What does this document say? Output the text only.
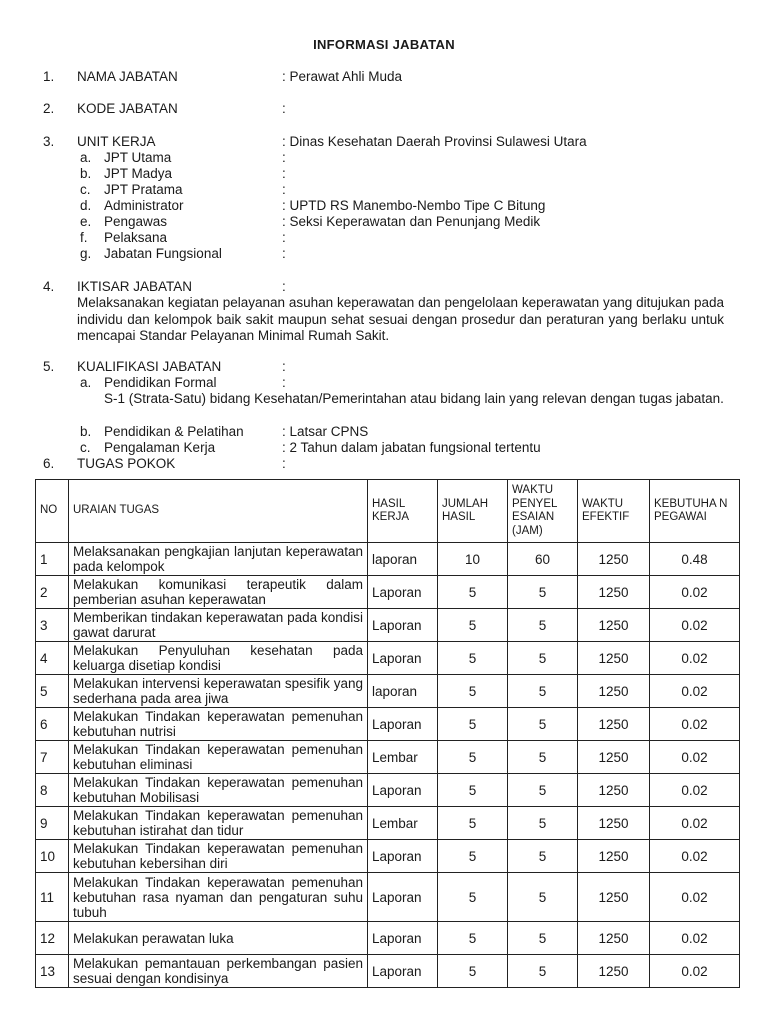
INFORMASI JABATAN
1. NAMA JABATAN	: Perawat Ahli Muda
2. KODE JABATAN	:
3. UNIT KERJA	: Dinas Kesehatan Daerah Provinsi Sulawesi Utara
a. JPT Utama	:
b. JPT Madya	:
c. JPT Pratama	:
d. Administrator	: UPTD RS Manembo-Nembo Tipe C Bitung
e. Pengawas	: Seksi Keperawatan dan Penunjang Medik
f. Pelaksana	:
g. Jabatan Fungsional	:
4. IKTISAR JABATAN	:
Melaksanakan kegiatan pelayanan asuhan keperawatan dan pengelolaan keperawatan yang ditujukan pada individu dan kelompok baik sakit maupun sehat sesuai dengan prosedur dan peraturan yang berlaku untuk mencapai Standar Pelayanan Minimal Rumah Sakit.
5. KUALIFIKASI JABATAN	:
a. Pendidikan Formal	:
S-1 (Strata-Satu) bidang Kesehatan/Pemerintahan atau bidang lain yang relevan dengan tugas jabatan.
b. Pendidikan & Pelatihan	: Latsar CPNS
c. Pengalaman Kerja	: 2 Tahun dalam jabatan fungsional tertentu
6. TUGAS POKOK	:
NO	URAIAN TUGAS	HASIL KERJA	JUMLAH HASIL	WAKTU PENYEL ESAIAN (JAM)	WAKTU EFEKTIF	KEBUTUHA N PEGAWAI
1	Melaksanakan pengkajian lanjutan keperawatan pada kelompok	laporan	10	60	1250	0.48
2	Melakukan komunikasi terapeutik dalam pemberian asuhan keperawatan	Laporan	5	5	1250	0.02
3	Memberikan tindakan keperawatan pada kondisi gawat darurat	Laporan	5	5	1250	0.02
4	Melakukan Penyuluhan kesehatan pada keluarga disetiap kondisi	Laporan	5	5	1250	0.02
5	Melakukan intervensi keperawatan spesifik yang sederhana pada area jiwa	laporan	5	5	1250	0.02
6	Melakukan Tindakan keperawatan pemenuhan kebutuhan nutrisi	Laporan	5	5	1250	0.02
7	Melakukan Tindakan keperawatan pemenuhan kebutuhan eliminasi	Lembar	5	5	1250	0.02
8	Melakukan Tindakan keperawatan pemenuhan kebutuhan Mobilisasi	Laporan	5	5	1250	0.02
9	Melakukan Tindakan keperawatan pemenuhan kebutuhan istirahat dan tidur	Lembar	5	5	1250	0.02
10	Melakukan Tindakan keperawatan pemenuhan kebutuhan kebersihan diri	Laporan	5	5	1250	0.02
11	Melakukan Tindakan keperawatan pemenuhan kebutuhan rasa nyaman dan pengaturan suhu tubuh	Laporan	5	5	1250	0.02
12	Melakukan perawatan luka	Laporan	5	5	1250	0.02
13	Melakukan pemantauan perkembangan pasien sesuai dengan kondisinya	Laporan	5	5	1250	0.02
